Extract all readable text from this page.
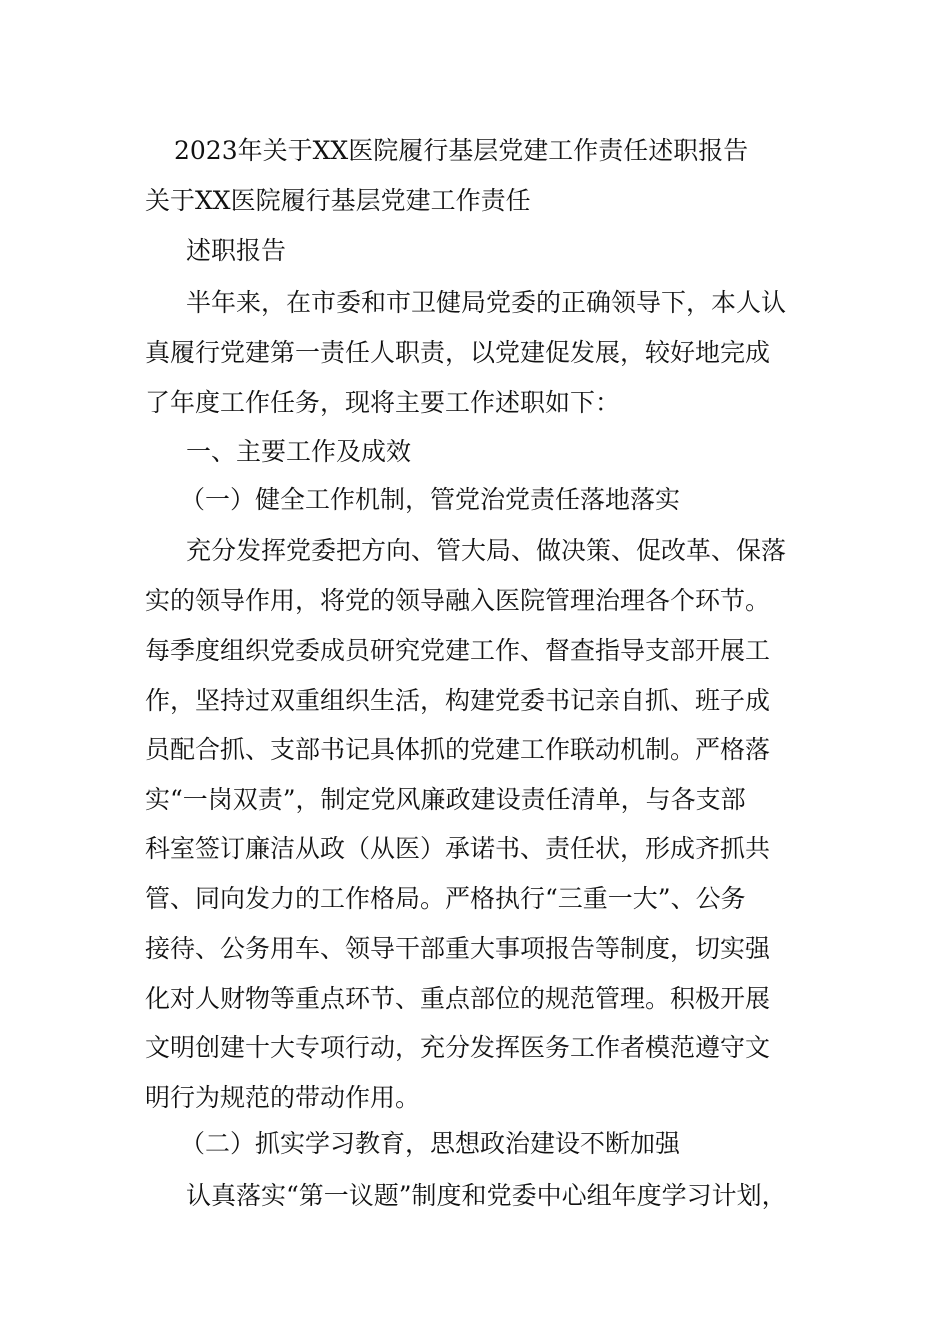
2023年关于XX医院履行基层党建工作责任述职报告
关于XX医院履行基层党建工作责任
述职报告
半年来，在市委和市卫健局党委的正确领导下，本人认
真履行党建第一责任人职责，以党建促发展，较好地完成
了年度工作任务，现将主要工作述职如下：
一、主要工作及成效
（一）健全工作机制，管党治党责任落地落实
充分发挥党委把方向、管大局、做决策、促改革、保落
实的领导作用，将党的领导融入医院管理治理各个环节。
每季度组织党委成员研究党建工作、督查指导支部开展工
作，坚持过双重组织生活，构建党委书记亲自抓、班子成
员配合抓、支部书记具体抓的党建工作联动机制。严格落
实“一岗双责”，制定党风廉政建设责任清单，与各支部
科室签订廉洁从政（从医）承诺书、责任状，形成齐抓共
管、同向发力的工作格局。严格执行“三重一大”、公务
接待、公务用车、领导干部重大事项报告等制度，切实强
化对人财物等重点环节、重点部位的规范管理。积极开展
文明创建十大专项行动，充分发挥医务工作者模范遵守文
明行为规范的带动作用。
（二）抓实学习教育，思想政治建设不断加强
认真落实“第一议题”制度和党委中心组年度学习计划，
